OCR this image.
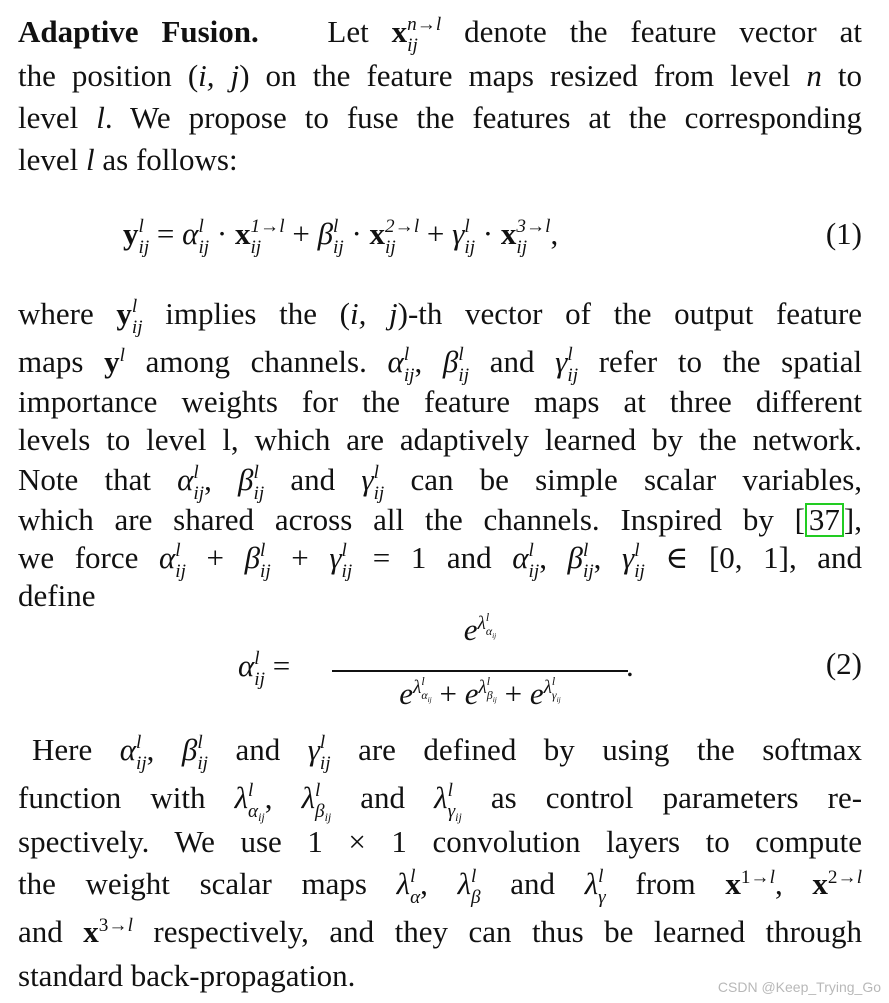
Adaptive Fusion. Let x n→l
ij	denote the feature vector at
the position (i, j) on the feature maps resized from level n to
level l. We propose to fuse the features at the corresponding
level l as follows:
y l
ij = α l
ij · x 1→l
ij + β l
ij · x 2→l
ij + γ l
ij · x 3→l
ij ,	(1)
where y l
ij implies the (i, j)-th vector of the output feature
maps $y^l$ among channels. α l
ij , β l
ij and γ l
ij refer to the spatial
importance weights for the feature maps at three different
levels to level l, which are adaptively learned by the network.
Note that α l
ij , β l
ij and γ l
ij can be simple scalar variables,
which are shared across all the channels. Inspired by [ 37 ],
we force α l
ij + β l
ij + γ l
ij = 1 and α l
ij , β l
ij , γ l
ij ∈ [0, 1], and
define
α l
ij =
$e^{\lambda l \alpha_{ij}}$
$e^{\lambda l \alpha_{ij}} + e^{\lambda l \beta_{ij}} + e^{\lambda l \gamma_{ij}}$
.	(2)
Here α l
ij , β l
ij and γ l
ij are defined by using the softmax
function with λ l
$\alpha_{ij}$
, λ l
$\beta_{ij}$
and λ l
$\gamma_{ij}$
as control parameters re-
spectively. We use 1 × 1 convolution layers to compute
the weight scalar maps λ l
α , λ l
β and λ l
γ from $x^{1\to l}$, $x^{2\to l}$
and $x^{3\to l}$ respectively, and they can thus be learned through
standard back-propagation.	CSDN @Keep_Trying_Go
